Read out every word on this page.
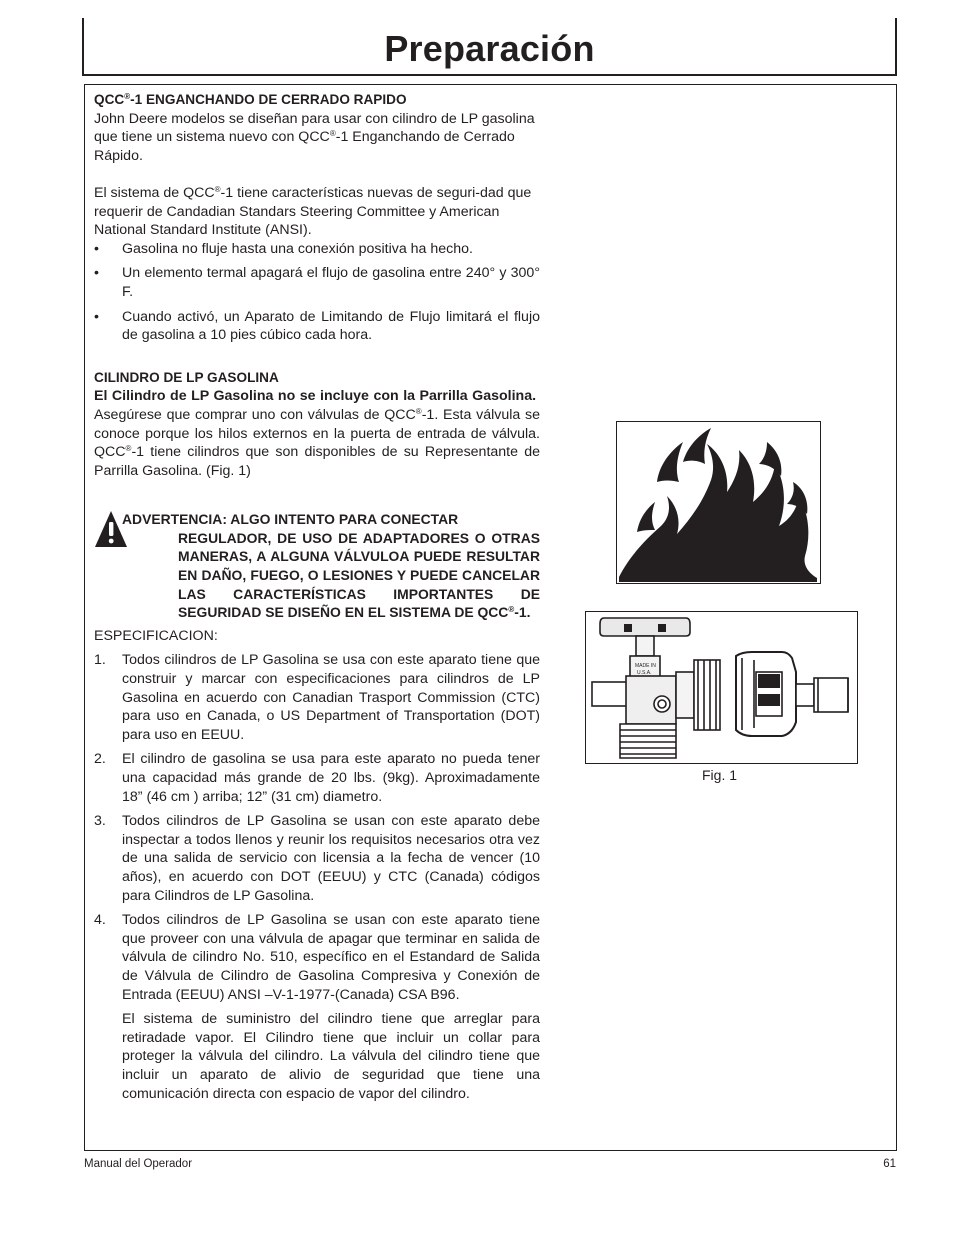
Preparación

QCC®-1 ENGANCHANDO DE CERRADO RAPIDO

John Deere modelos se diseñan para usar con cilindro de LP gasolina que tiene un sistema nuevo con QCC®-1 Enganchando de Cerrado Rápido.

El sistema de QCC®-1 tiene características nuevas de seguri-dad que requerir de Candadian Standars Steering Committee y American National Standard Institute (ANSI).

• Gasolina no fluje hasta una conexión positiva ha hecho.
• Un elemento termal apagará el flujo de gasolina entre 240° y 300° F.
• Cuando activó, un Aparato de Limitando de Flujo limitará el flujo de gasolina a 10 pies cúbico cada hora.

CILINDRO DE LP GASOLINA

El Cilindro de LP Gasolina no se incluye con la Parrilla Gasolina.  Asegúrese que comprar uno con válvulas de QCC®-1. Esta válvula se conoce porque los hilos externos en la puerta de entrada de válvula. QCC®-1 tiene cilindros que son disponibles de su Representante de Parrilla Gasolina. (Fig. 1)

ADVERTENCIA: ALGO INTENTO PARA CONECTAR
REGULADOR, DE USO DE ADAPTADORES O OTRAS MANERAS, A ALGUNA VÁLVULOA PUEDE RESULTAR EN DAÑO, FUEGO, O LESIONES Y PUEDE CANCELAR LAS CARACTERÍSTICAS IMPORTANTES DE SEGURIDAD SE DISEÑO EN EL SISTEMA DE QCC®-1.

ESPECIFICACION:

1. Todos cilindros de LP Gasolina se usa con este aparato tiene que construir y marcar con especificaciones para cilindros de LP Gasolina en acuerdo con Canadian Trasport Commission (CTC) para uso en Canada, o US Department of Transportation (DOT) para uso en EEUU.
2. El cilindro de gasolina se usa para este aparato no pueda tener una capacidad más grande de 20 lbs. (9kg). Aproximadamente 18” (46 cm ) arriba; 12” (31 cm) diametro.
3. Todos cilindros de LP Gasolina se usan con este aparato debe inspectar a todos llenos y reunir los requisitos necesarios otra vez de una salida de servicio con licensia a la fecha de vencer (10 años), en acuerdo con DOT (EEUU) y CTC (Canada) códigos para Cilindros de LP Gasolina.
4. Todos cilindros de LP Gasolina se usan con este aparato tiene que proveer con una válvula de apagar que terminar en salida de válvula de cilindro No. 510, específico en el Estandard de Salida de Válvula de Cilindro de Gasolina Compresiva y Conexión de Entrada (EEUU) ANSI –V-1-1977-(Canada) CSA B96.
El sistema de suministro del cilindro tiene que arreglar para retiradade vapor. El Cilindro tiene que incluir un collar para proteger la válvula del cilindro. La válvula del cilindro tiene que incluir un aparato de alivio de seguridad que tiene una comunicación directa con espacio de vapor del cilindro.
MADE IN
U.S.A.
Fig. 1
Manual del Operador	61
